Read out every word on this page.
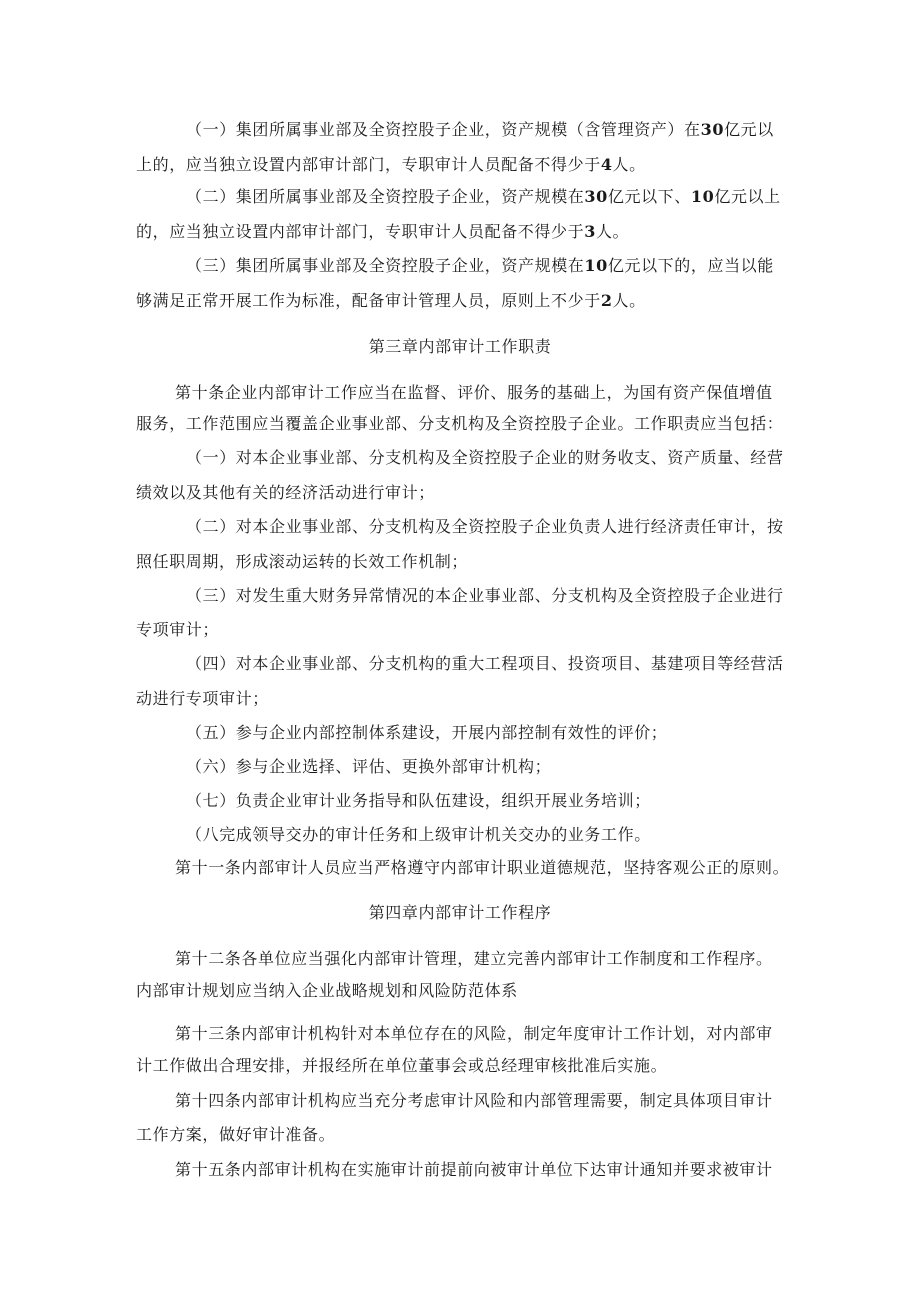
（一）集团所属事业部及全资控股子企业，资产规模（含管理资产）在30亿元以
上的，应当独立设置内部审计部门，专职审计人员配备不得少于4人。
（二）集团所属事业部及全资控股子企业，资产规模在30亿元以下、10亿元以上
的，应当独立设置内部审计部门，专职审计人员配备不得少于3人。
（三）集团所属事业部及全资控股子企业，资产规模在10亿元以下的，应当以能
够满足正常开展工作为标准，配备审计管理人员，原则上不少于2人。
第三章内部审计工作职责
第十条企业内部审计工作应当在监督、评价、服务的基础上，为国有资产保值增值
服务，工作范围应当覆盖企业事业部、分支机构及全资控股子企业。工作职责应当包括：
（一）对本企业事业部、分支机构及全资控股子企业的财务收支、资产质量、经营
绩效以及其他有关的经济活动进行审计；
（二）对本企业事业部、分支机构及全资控股子企业负责人进行经济责任审计，按
照任职周期，形成滚动运转的长效工作机制；
（三）对发生重大财务异常情况的本企业事业部、分支机构及全资控股子企业进行
专项审计；
（四）对本企业事业部、分支机构的重大工程项目、投资项目、基建项目等经营活
动进行专项审计；
（五）参与企业内部控制体系建设，开展内部控制有效性的评价；
（六）参与企业选择、评估、更换外部审计机构；
（七）负责企业审计业务指导和队伍建设，组织开展业务培训；
（八完成领导交办的审计任务和上级审计机关交办的业务工作。
第十一条内部审计人员应当严格遵守内部审计职业道德规范，坚持客观公正的原则。
第四章内部审计工作程序
第十二条各单位应当强化内部审计管理，建立完善内部审计工作制度和工作程序。
内部审计规划应当纳入企业战略规划和风险防范体系
第十三条内部审计机构针对本单位存在的风险，制定年度审计工作计划，对内部审
计工作做出合理安排，并报经所在单位董事会或总经理审核批准后实施。
第十四条内部审计机构应当充分考虑审计风险和内部管理需要，制定具体项目审计
工作方案，做好审计准备。
第十五条内部审计机构在实施审计前提前向被审计单位下达审计通知并要求被审计
